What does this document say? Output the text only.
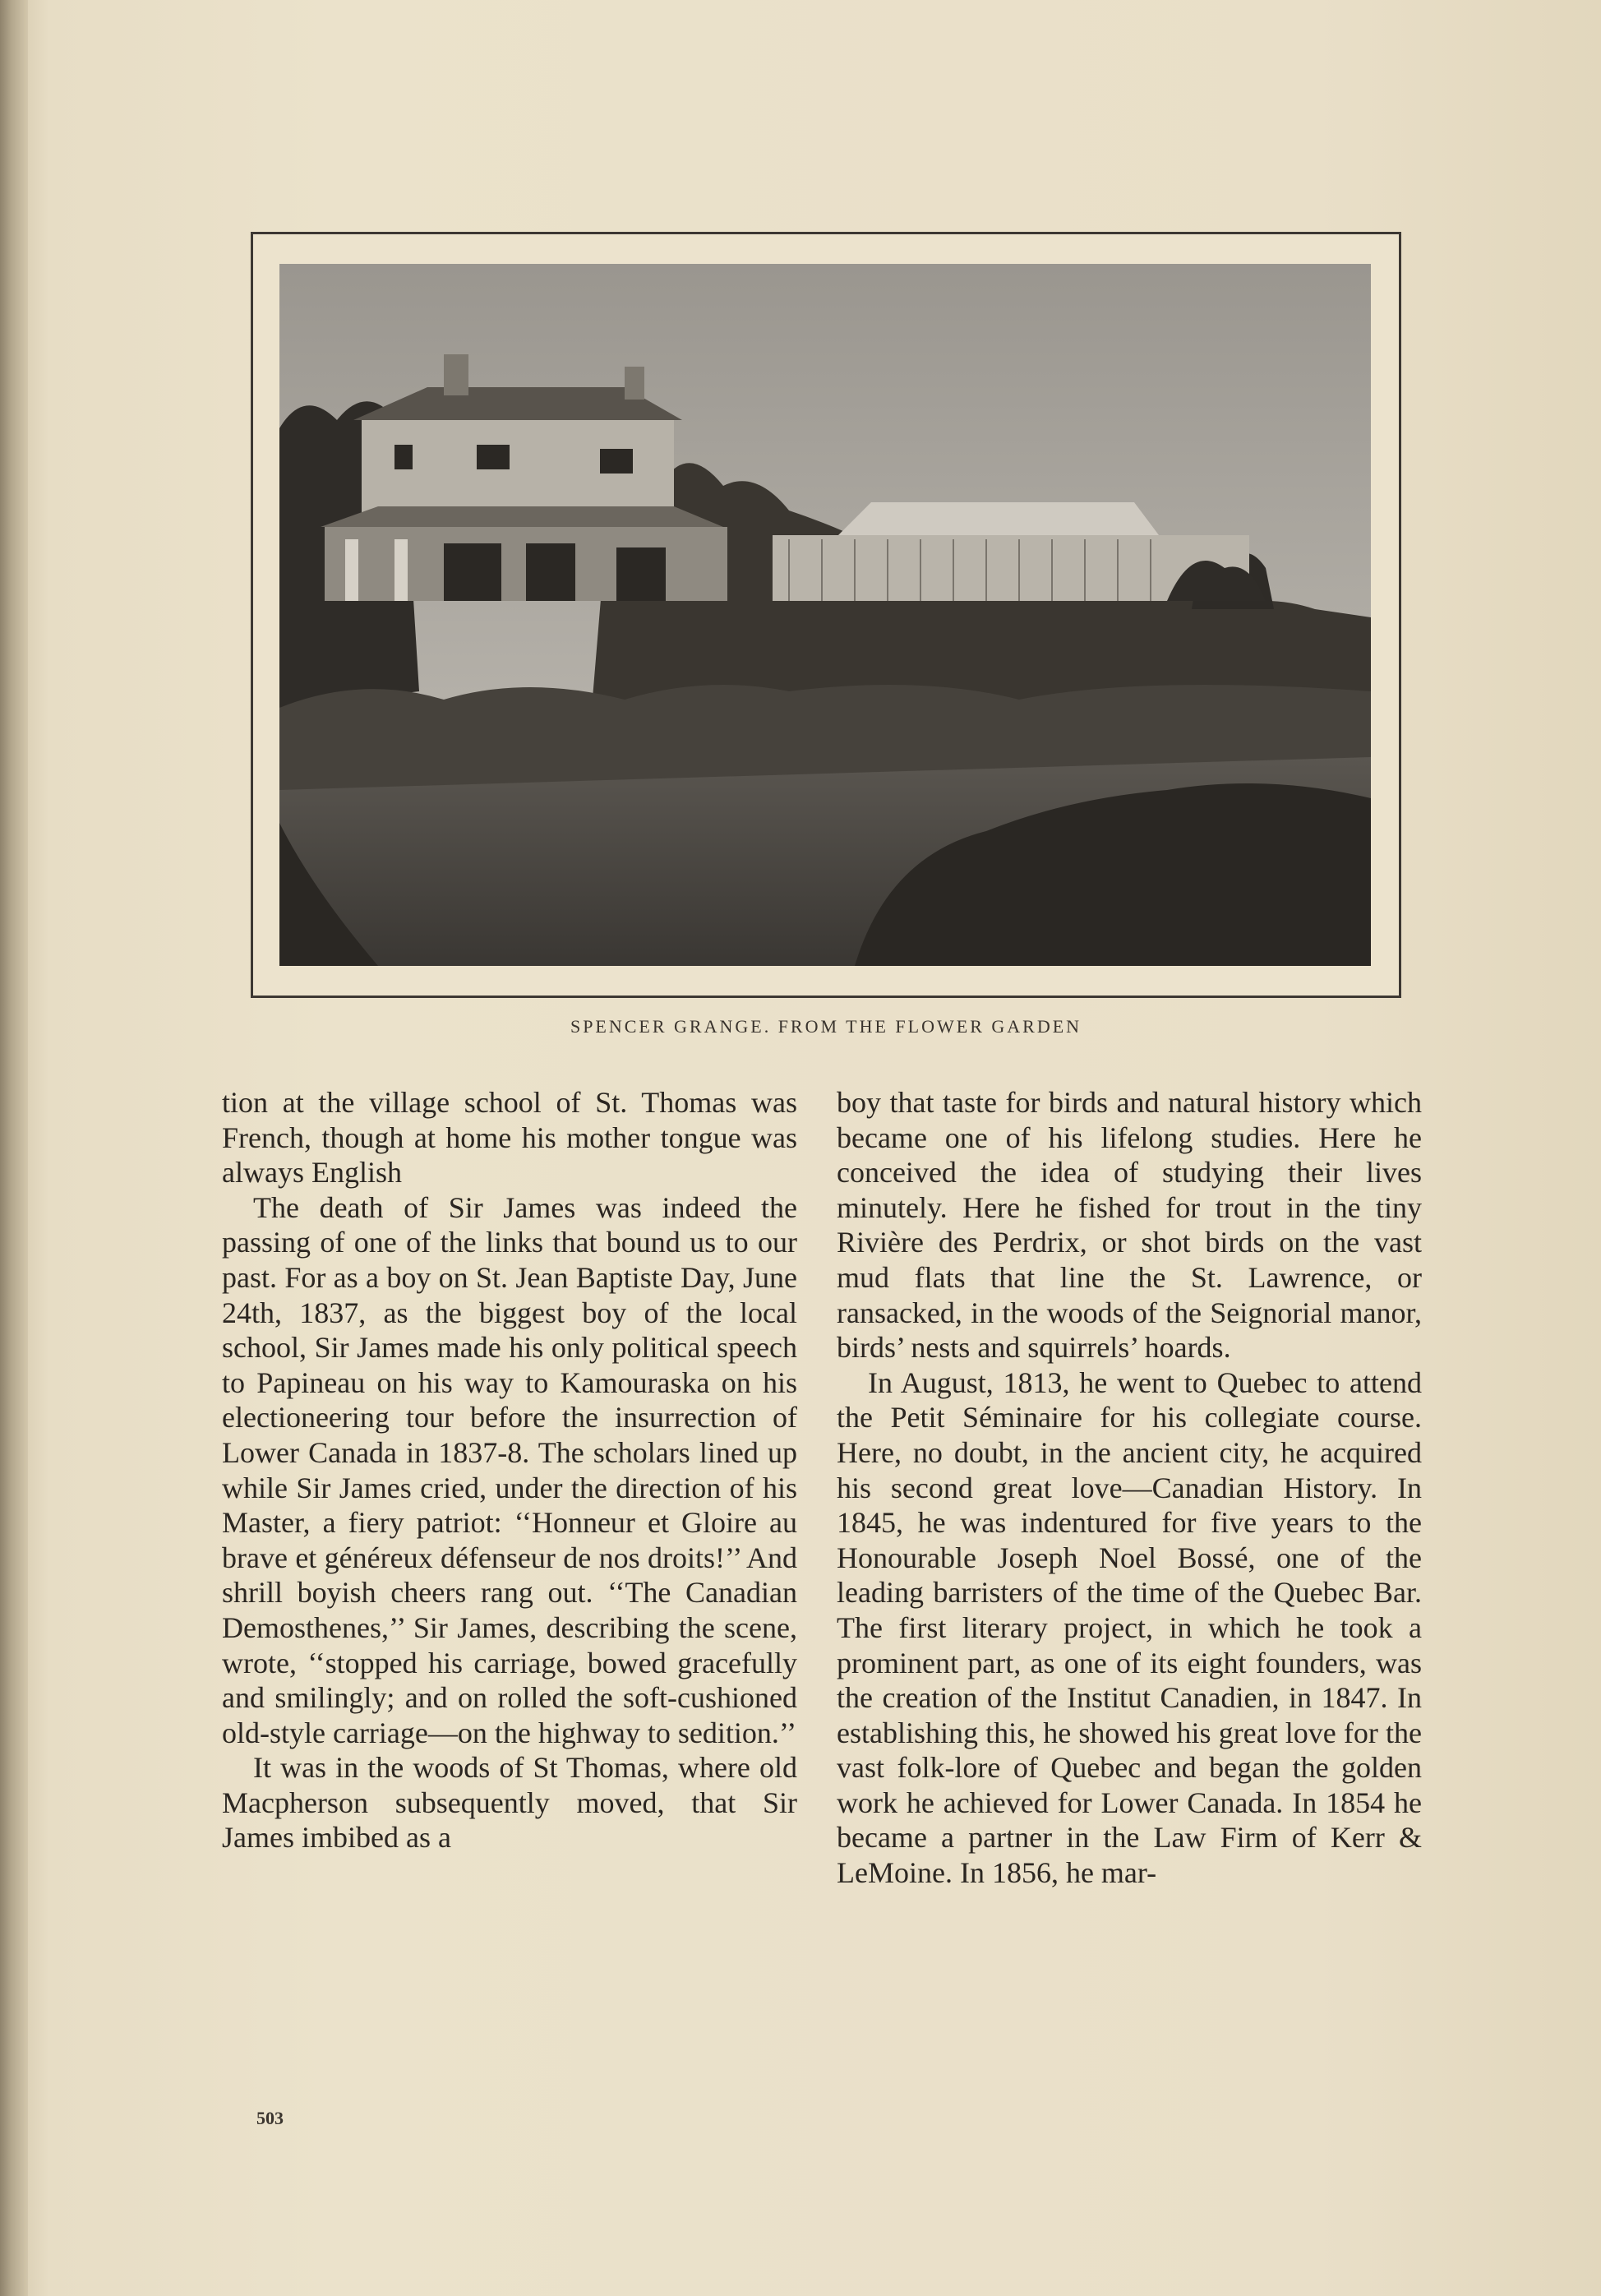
SPENCER GRANGE. FROM THE FLOWER GARDEN

tion at the village school of St. Thomas was French, though at home his mother tongue was always English

The death of Sir James was indeed the passing of one of the links that bound us to our past. For as a boy on St. Jean Baptiste Day, June 24th, 1837, as the biggest boy of the local school, Sir James made his only political speech to Papineau on his way to Kamouraska on his electioneering tour before the insurrection of Lower Canada in 1837-8. The scholars lined up while Sir James cried, under the direction of his Master, a fiery patriot: ‘‘Honneur et Gloire au brave et généreux défenseur de nos droits!’’ And shrill boyish cheers rang out. ‘‘The Canadian Demosthenes,’’ Sir James, describing the scene, wrote, ‘‘stopped his carriage, bowed gracefully and smilingly; and on rolled the soft-cushioned old-style carriage—on the highway to sedition.’’

It was in the woods of St Thomas, where old Macpherson subsequently moved, that Sir James imbibed as a

boy that taste for birds and natural history which became one of his lifelong studies. Here he conceived the idea of studying their lives minutely. Here he fished for trout in the tiny Rivière des Perdrix, or shot birds on the vast mud flats that line the St. Lawrence, or ransacked, in the woods of the Seignorial manor, birds’ nests and squirrels’ hoards.

In August, 1813, he went to Quebec to attend the Petit Séminaire for his collegiate course. Here, no doubt, in the ancient city, he acquired his second great love—Canadian History. In 1845, he was indentured for five years to the Honourable Joseph Noel Bossé, one of the leading barristers of the time of the Quebec Bar. The first literary project, in which he took a prominent part, as one of its eight founders, was the creation of the Institut Canadien, in 1847. In establishing this, he showed his great love for the vast folk-lore of Quebec and began the golden work he achieved for Lower Canada. In 1854 he became a partner in the Law Firm of Kerr & LeMoine. In 1856, he mar-

503
